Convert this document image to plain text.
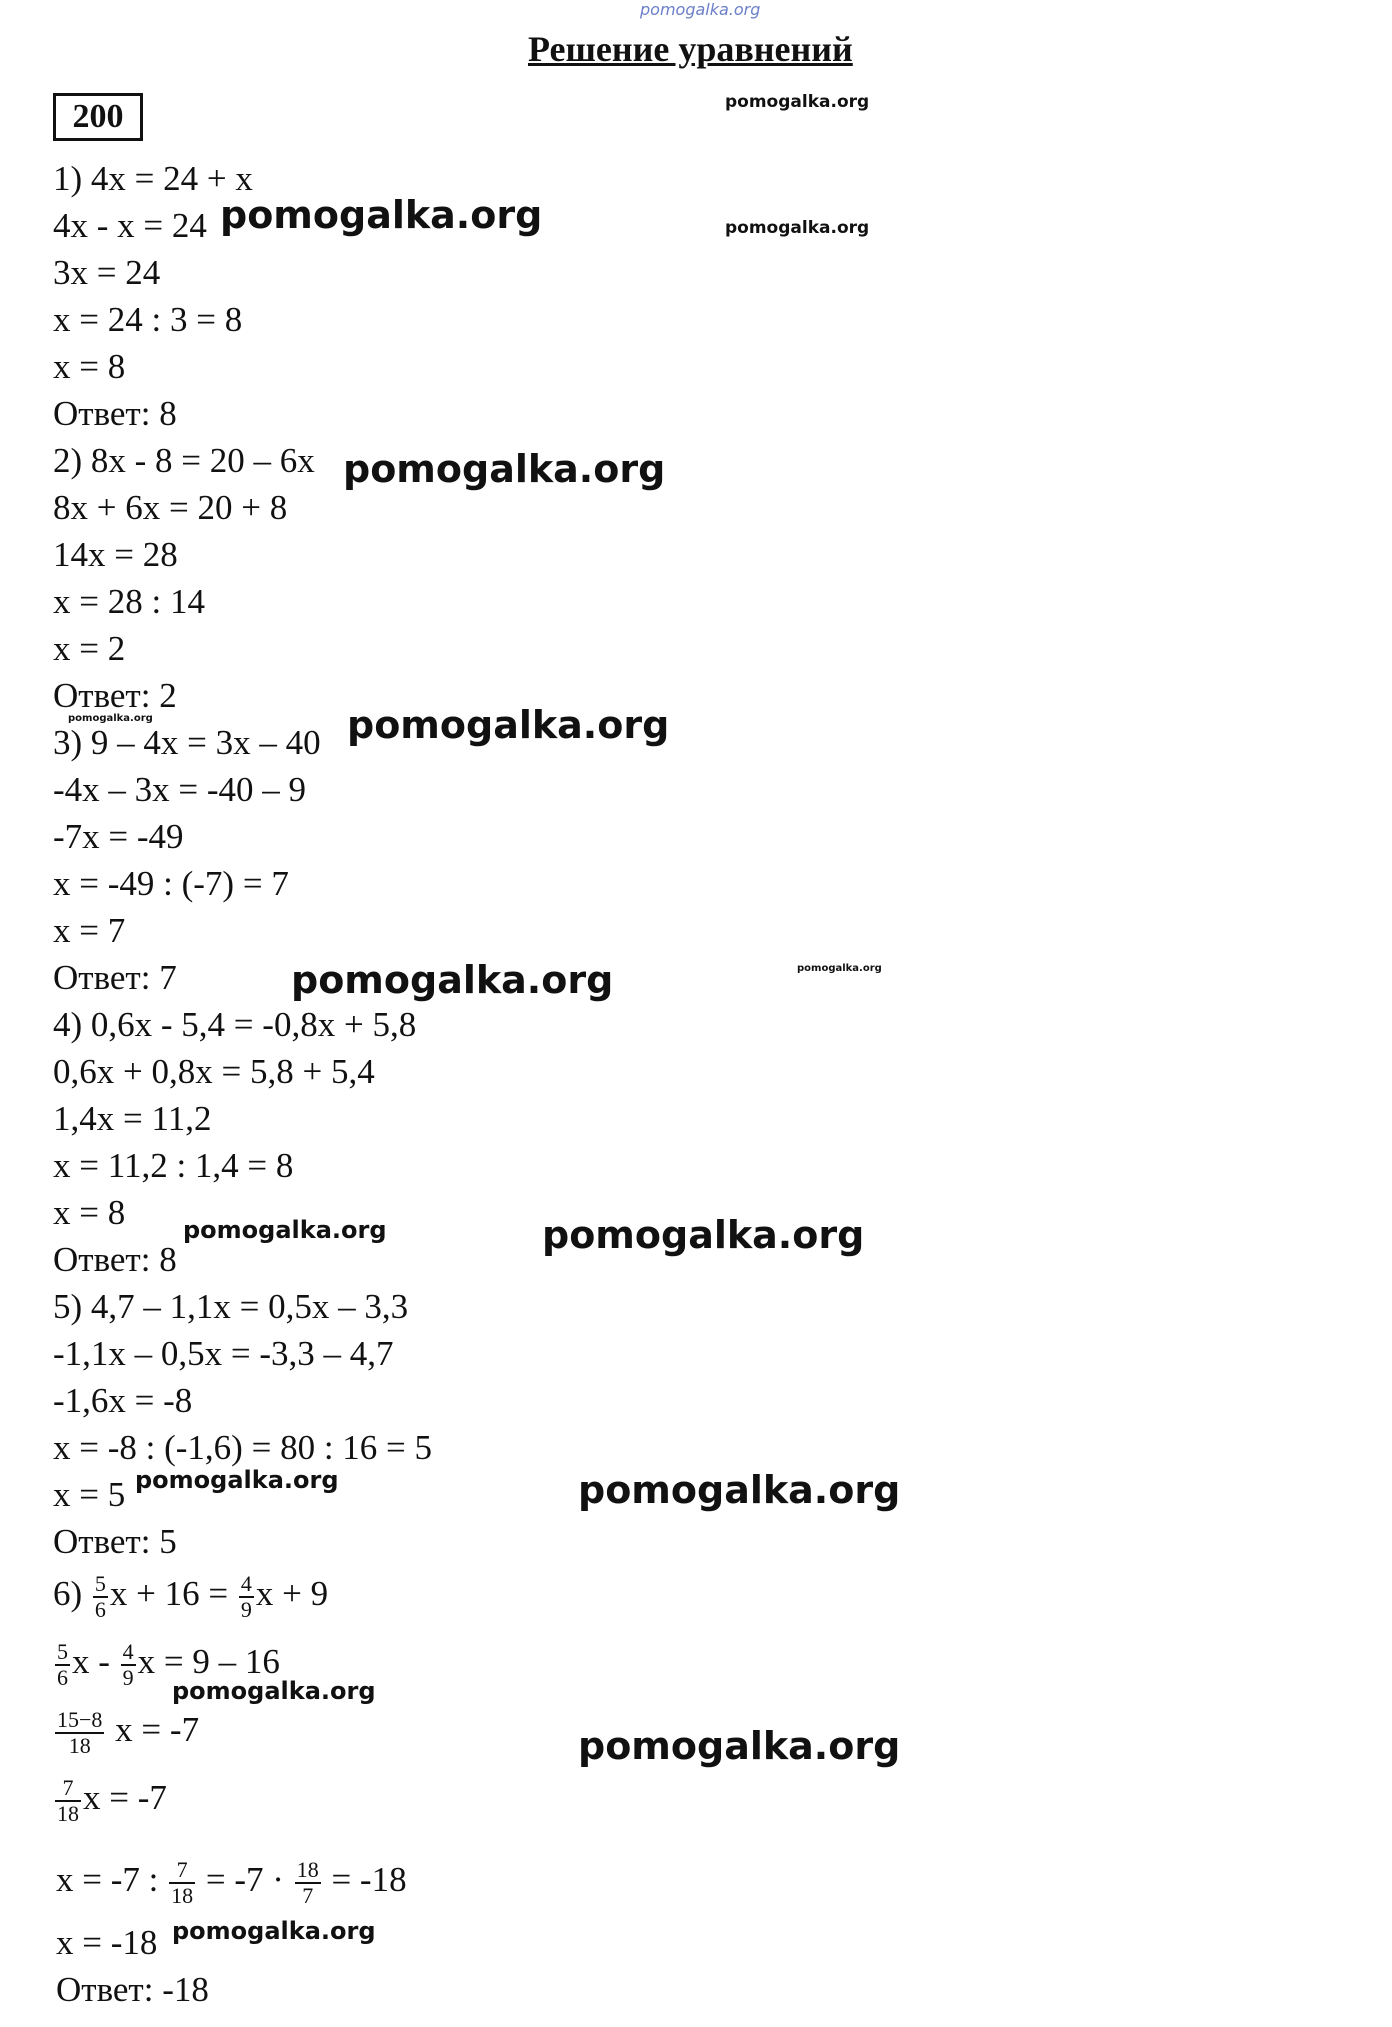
pomogalka.org
Решение уравнений
200
1) 4x = 24 + x
4x - x = 24
3x = 24
x = 24 : 3 = 8
x = 8
Ответ: 8
2) 8x - 8 = 20 – 6x
8x + 6x = 20 + 8
14x = 28
x = 28 : 14
x = 2
Ответ: 2
3) 9 – 4x = 3x – 40
-4x – 3x = -40 – 9
-7x = -49
x = -49 : (-7) = 7
x = 7
Ответ: 7
4) 0,6x - 5,4 = -0,8x + 5,8
0,6x + 0,8x = 5,8 + 5,4
1,4x = 11,2
x = 11,2 : 1,4 = 8
x = 8
Ответ: 8
5) 4,7 – 1,1x = 0,5x – 3,3
-1,1x – 0,5x = -3,3 – 4,7
-1,6x = -8
x = -8 : (-1,6) = 80 : 16 = 5
x = 5
Ответ: 5
$6) \frac{5}{6}$ $x + 16 = \frac{4}{9}$ x + 9
$\frac{5}{6}$ x - $\frac{4}{9}$ x = 9 – 16
$\frac{15-8}{18}$ x = -7
$\frac{7}{18}$ x = -7
x = -7 : $\frac{7}{18} = -7 \cdot \frac{18}{7} = -18$
x = -18
Ответ: -18
pomogalka.org
pomogalka.org	pomogalka.org
pomogalka.org
pomogalka.org	pomogalka.org
pomogalka.org
pomogalka.org
pomogalka.org	pomogalka.org
pomogalka.org	pomogalka.org
pomogalka.org
pomogalka.org
pomogalka.org
